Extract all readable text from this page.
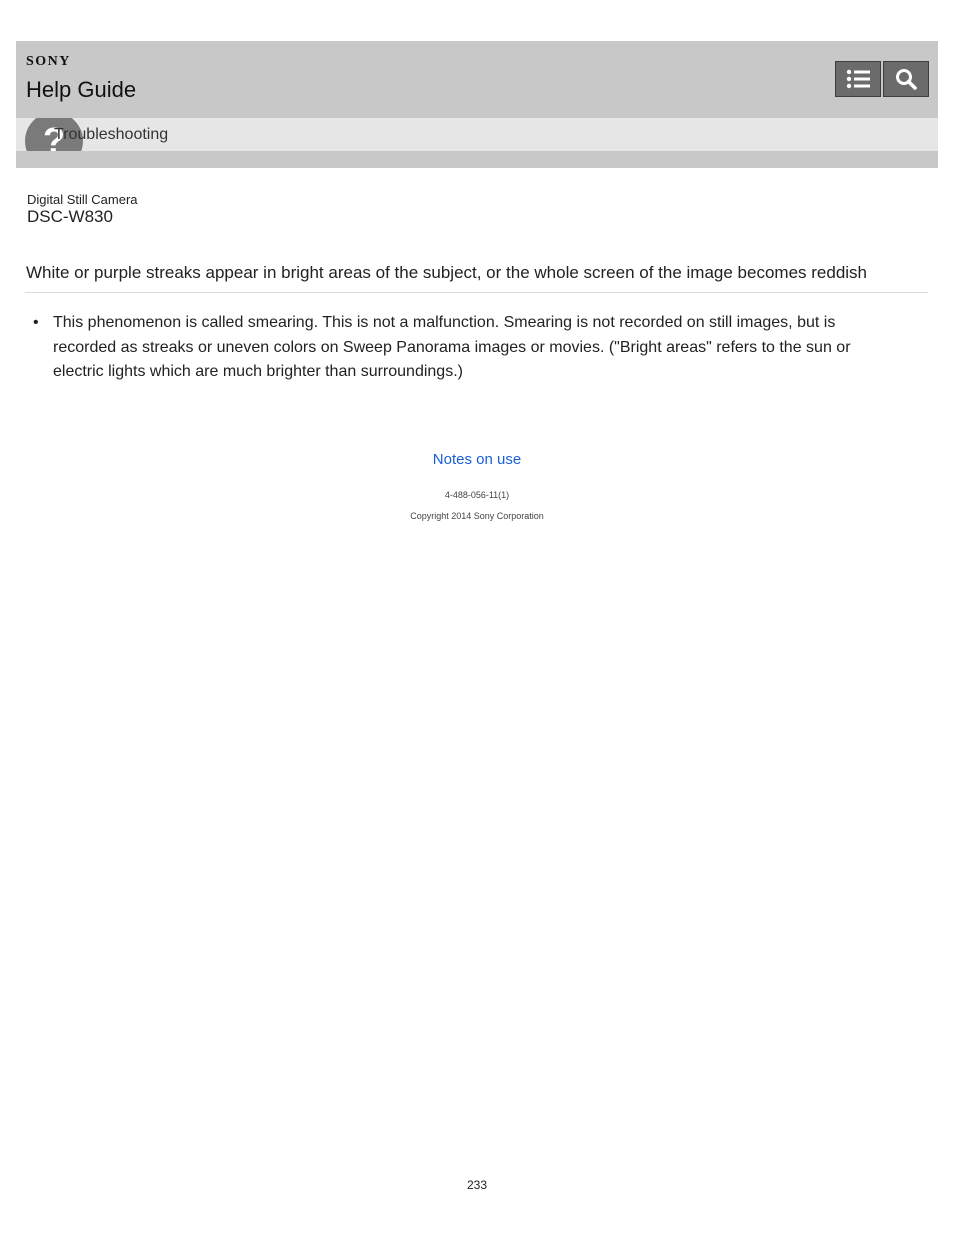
SONY
Help Guide
?
Troubleshooting
Digital Still Camera
DSC-W830
White or purple streaks appear in bright areas of the subject, or the whole screen of the image becomes reddish
• This phenomenon is called smearing. This is not a malfunction. Smearing is not recorded on still images, but is recorded as streaks or uneven colors on Sweep Panorama images or movies. ("Bright areas" refers to the sun or electric lights which are much brighter than surroundings.)
Notes on use
4-488-056-11(1)
Copyright 2014 Sony Corporation
233
